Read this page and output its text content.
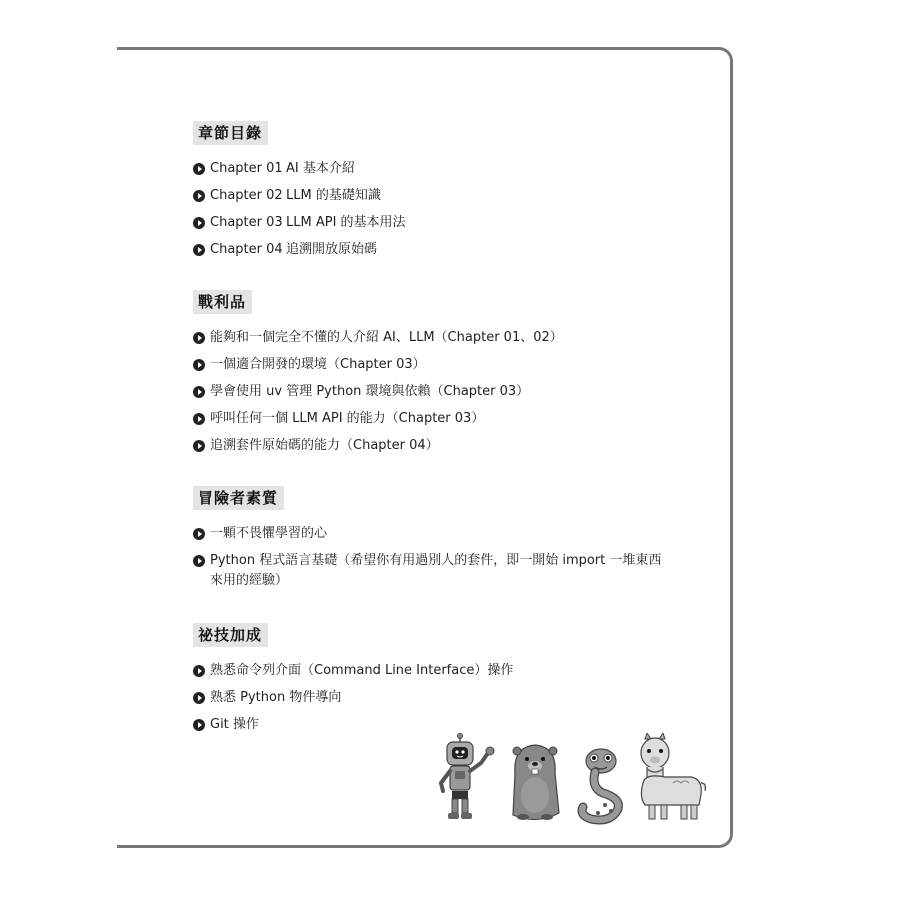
章節目錄
Chapter 01 AI 基本介紹
Chapter 02 LLM 的基礎知識
Chapter 03 LLM API 的基本用法
Chapter 04 追溯開放原始碼
戰利品
能夠和一個完全不懂的人介紹 AI、LLM（Chapter 01、02）
一個適合開發的環境（Chapter 03）
學會使用 uv 管理 Python 環境與依賴（Chapter 03）
呼叫任何一個 LLM API 的能力（Chapter 03）
追溯套件原始碼的能力（Chapter 04）
冒險者素質
一顆不畏懼學習的心
Python 程式語言基礎（希望你有用過別人的套件，即一開始 import 一堆東西
來用的經驗）
祕技加成
熟悉命令列介面（Command Line Interface）操作
熟悉 Python 物件導向
Git 操作
